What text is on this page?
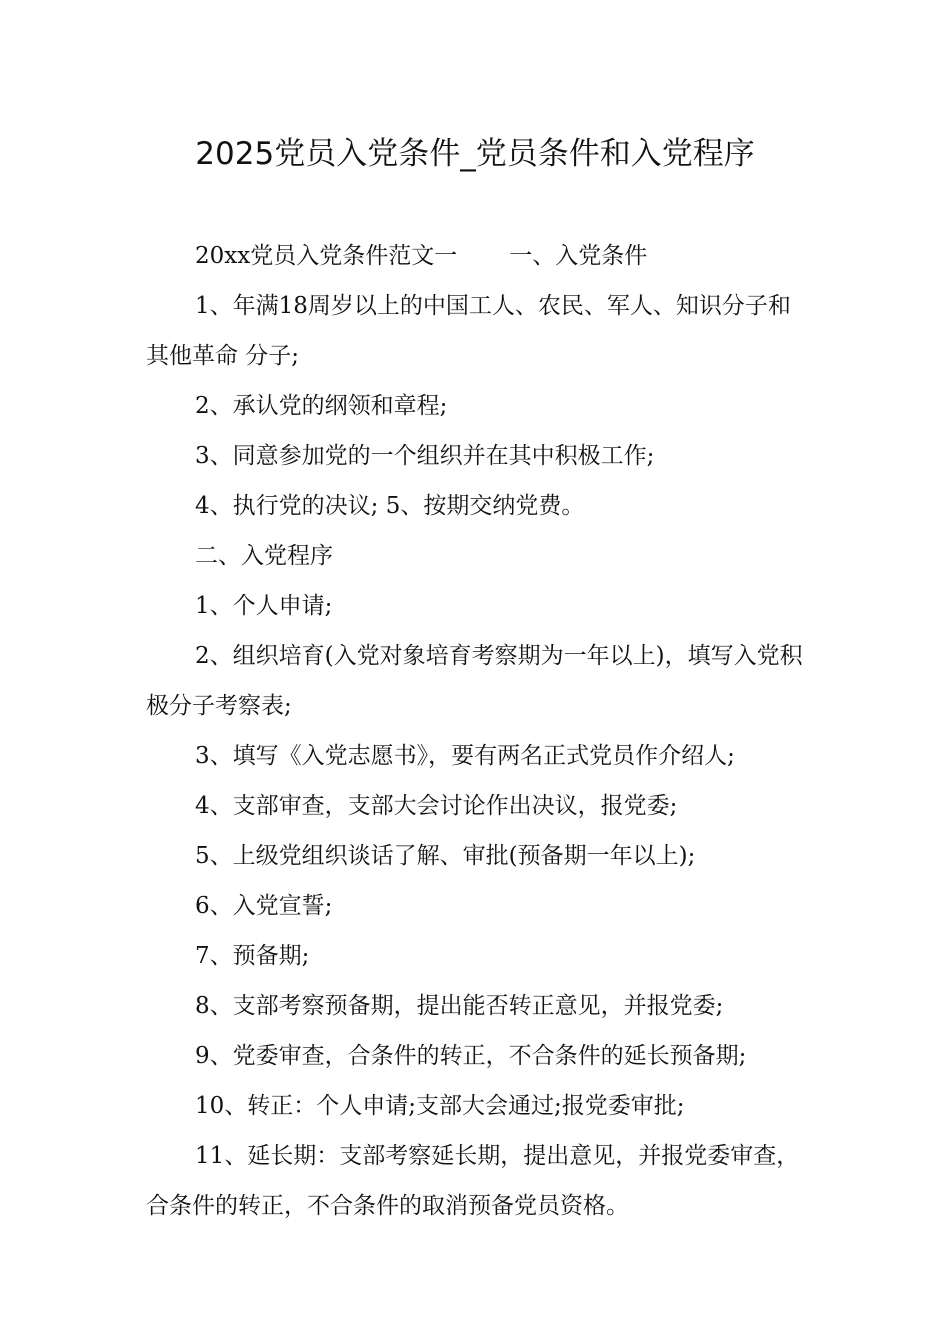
2025党员入党条件_党员条件和入党程序

20xx党员入党条件范文一 一、入党条件

1、年满18周岁以上的中国工人、农民、军人、知识分子和其他革命 分子;

2、承认党的纲领和章程;

3、同意参加党的一个组织并在其中积极工作;

4、执行党的决议; 5、按期交纳党费。

二、入党程序

1、个人申请;

2、组织培育(入党对象培育考察期为一年以上)，填写入党积极分子考察表;

3、填写《入党志愿书》，要有两名正式党员作介绍人;

4、支部审查，支部大会讨论作出决议，报党委;

5、上级党组织谈话了解、审批(预备期一年以上);

6、入党宣誓;

7、预备期;

8、支部考察预备期，提出能否转正意见，并报党委;

9、党委审查，合条件的转正，不合条件的延长预备期;

10、转正：个人申请;支部大会通过;报党委审批;

11、延长期：支部考察延长期，提出意见，并报党委审查，合条件的转正，不合条件的取消预备党员资格。
